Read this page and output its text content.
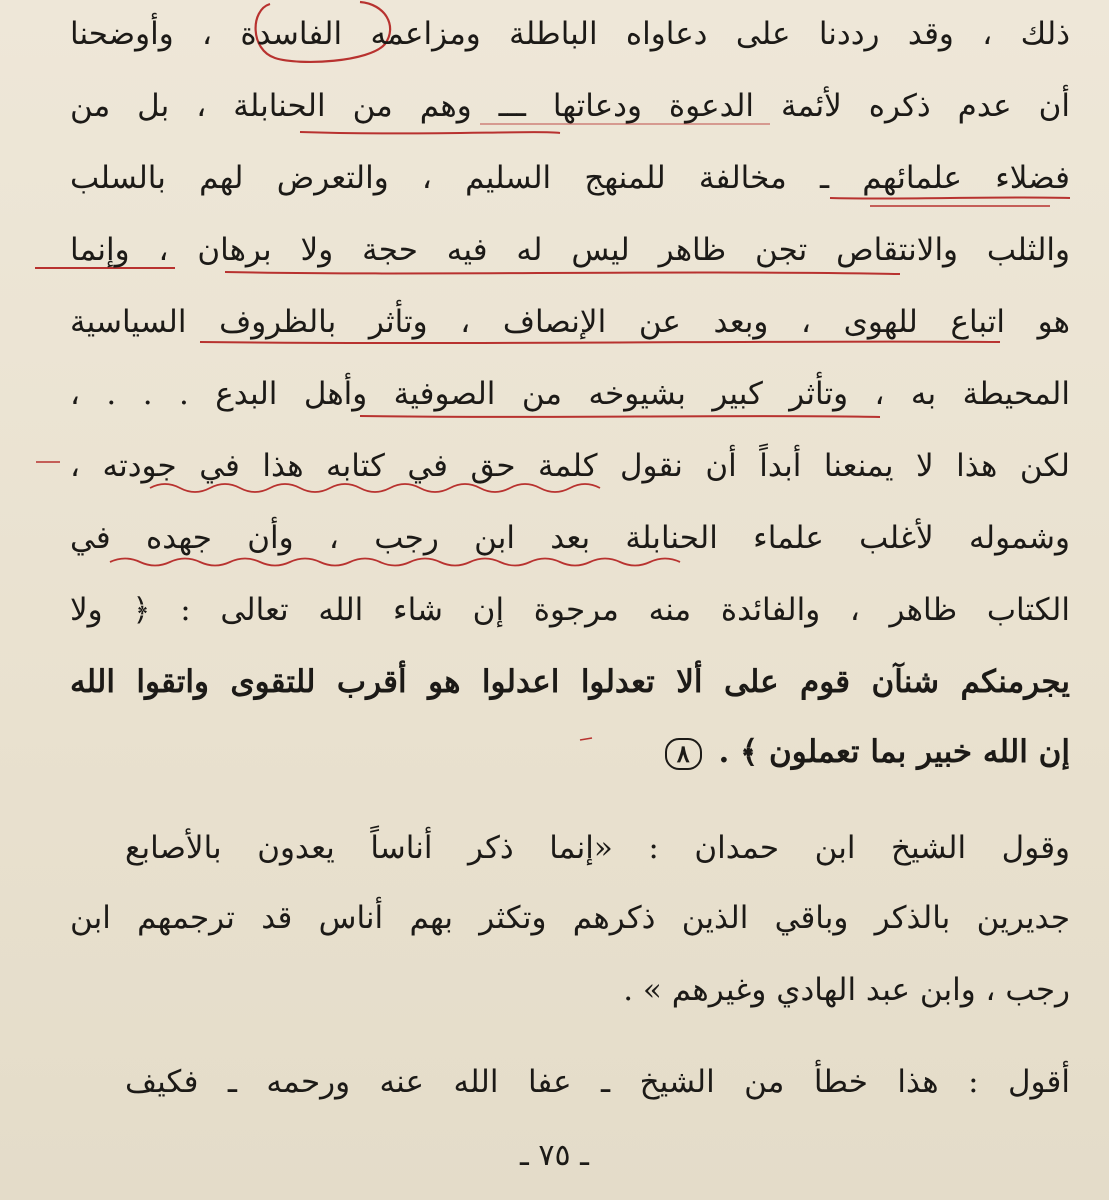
ذلك ، وقد رددنا على دعاواه الباطلة ومزاعمه الفاسدة ، وأوضحنا
أن عدم ذكره لأئمة الدعوة ودعاتها ـــ وهم من الحنابلة ، بل من
فضلاء علمائهم ـ مخالفة للمنهج السليم ، والتعرض لهم بالسلب
والثلب والانتقاص تجن ظاهر ليس له فيه حجة ولا برهان ، وإنما
هو اتباع للهوى ، وبعد عن الإنصاف ، وتأثر بالظروف السياسية
المحيطة به ، وتأثر كبير بشيوخه من الصوفية وأهل البدع . . . ،
لكن هذا لا يمنعنا أبداً أن نقول كلمة حق في كتابه هذا في جودته ،
وشموله لأغلب علماء الحنابلة بعد ابن رجب ، وأن جهده في
الكتاب ظاهر ، والفائدة منه مرجوة إن شاء الله تعالى : ﴿ ولا
يجرمنكم شنآن قوم على ألا تعدلوا اعدلوا هو أقرب للتقوى واتقوا الله
إن الله خبير بما تعملون ﴾ . ٨
وقول الشيخ ابن حمدان : «إنما ذكر أناساً يعدون بالأصابع
جديرين بالذكر وباقي الذين ذكرهم وتكثر بهم أناس قد ترجمهم ابن
رجب ، وابن عبد الهادي وغيرهم » .
أقول : هذا خطأ من الشيخ ـ عفا الله عنه ورحمه ـ فكيف
ـ ٧٥ ـ
